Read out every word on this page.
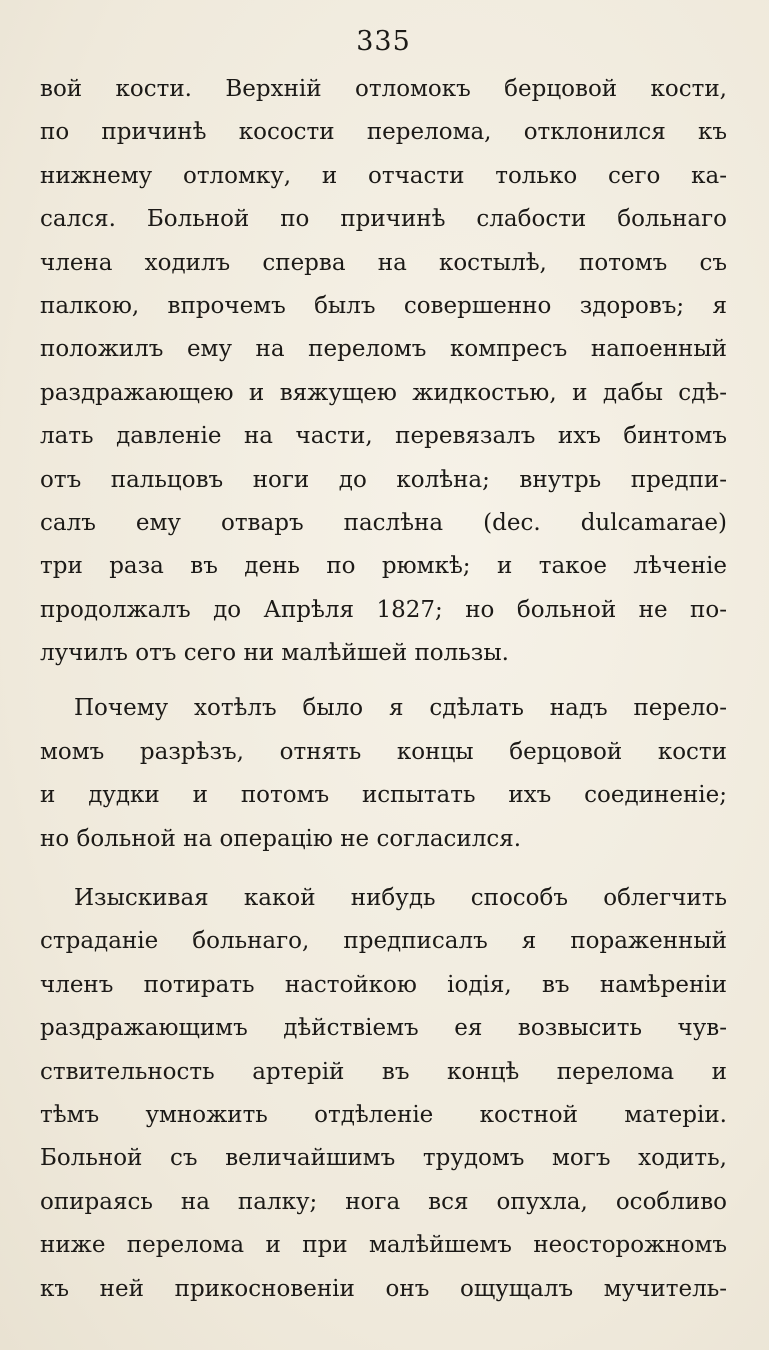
335
вой кости. Верхній отломокъ берцовой кости,
по причинѣ косости перелома, отклонился къ
нижнему отломку, и отчасти только сего ка-
сался. Больной по причинѣ слабости больнаго
члена ходилъ сперва на костылѣ, потомъ съ
палкою, впрочемъ былъ совершенно здоровъ; я
положилъ ему на переломъ компресъ напоенный
раздражающею и вяжущею жидкостью, и дабы сдѣ-
лать давленіе на части, перевязалъ ихъ бинтомъ
отъ пальцовъ ноги до колѣна; внутрь предпи-
салъ ему отваръ паслѣна (dec. dulcamarae)
три раза въ день по рюмкѣ; и такое лѣченіе
продолжалъ до Апрѣля 1827; но больной не по-
лучилъ отъ сего ни малѣйшей пользы.
Почему хотѣлъ было я сдѣлать надъ перело-
момъ разрѣзъ, отнять концы берцовой кости
и дудки и потомъ испытать ихъ соединеніе;
но больной на операцію не согласился.
Изыскивая какой нибудь способъ облегчить
страданіе больнаго, предписалъ я пораженный
членъ потирать настойкою іодія, въ намѣреніи
раздражающимъ дѣйствіемъ ея возвысить чув-
ствительность артерій въ концѣ перелома и
тѣмъ умножить отдѣленіе костной матеріи.
Больной съ величайшимъ трудомъ могъ ходить,
опираясь на палку; нога вся опухла, особливо
ниже перелома и при малѣйшемъ неосторожномъ
къ ней прикосновеніи онъ ощущалъ мучитель-
